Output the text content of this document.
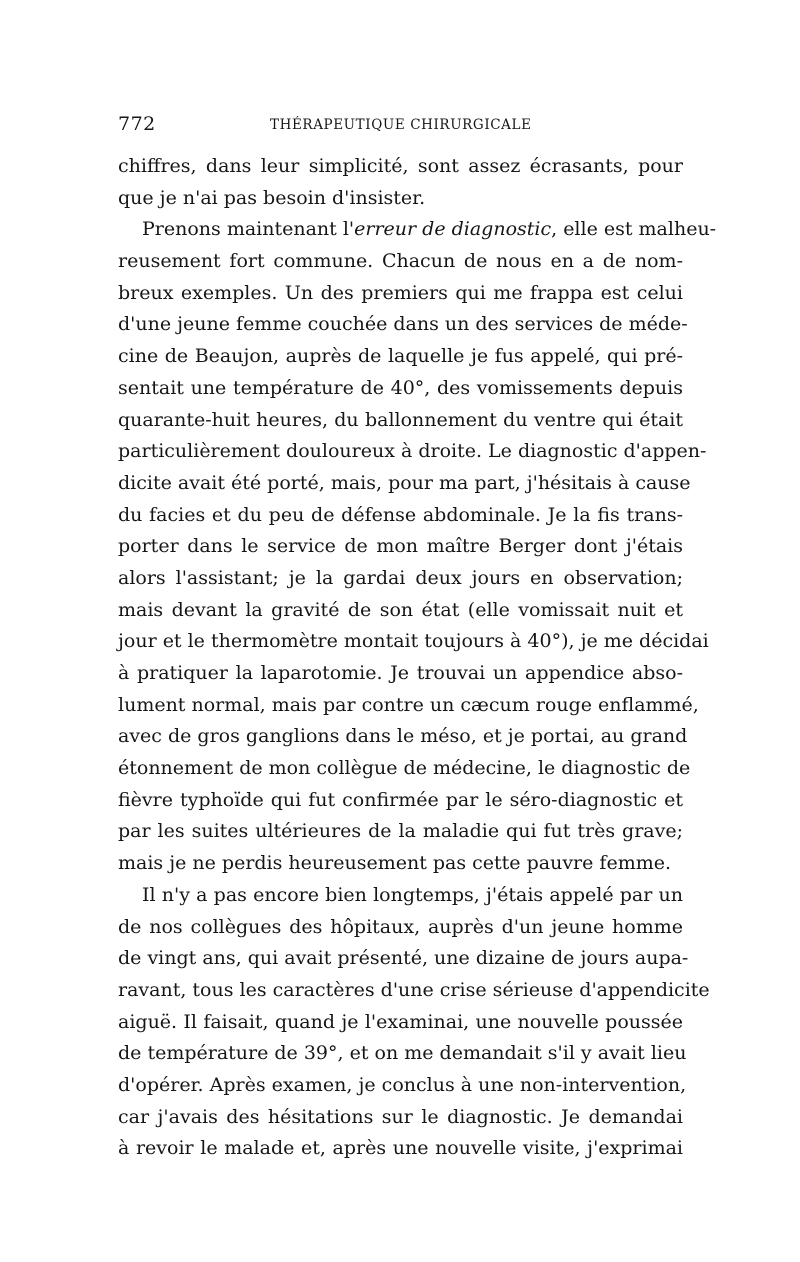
772	THÉRAPEUTIQUE CHIRURGICALE
chiffres, dans leur simplicité, sont assez écrasants, pour
que je n'ai pas besoin d'insister.
Prenons maintenant l'erreur de diagnostic, elle est malheu-
reusement fort commune. Chacun de nous en a de nom-
breux exemples. Un des premiers qui me frappa est celui
d'une jeune femme couchée dans un des services de méde-
cine de Beaujon, auprès de laquelle je fus appelé, qui pré-
sentait une température de 40°, des vomissements depuis
quarante-huit heures, du ballonnement du ventre qui était
particulièrement douloureux à droite. Le diagnostic d'appen-
dicite avait été porté, mais, pour ma part, j'hésitais à cause
du facies et du peu de défense abdominale. Je la fis trans-
porter dans le service de mon maître Berger dont j'étais
alors l'assistant; je la gardai deux jours en observation;
mais devant la gravité de son état (elle vomissait nuit et
jour et le thermomètre montait toujours à 40°), je me décidai
à pratiquer la laparotomie. Je trouvai un appendice abso-
lument normal, mais par contre un cæcum rouge enflammé,
avec de gros ganglions dans le méso, et je portai, au grand
étonnement de mon collègue de médecine, le diagnostic de
fièvre typhoïde qui fut confirmée par le séro-diagnostic et
par les suites ultérieures de la maladie qui fut très grave;
mais je ne perdis heureusement pas cette pauvre femme.
Il n'y a pas encore bien longtemps, j'étais appelé par un
de nos collègues des hôpitaux, auprès d'un jeune homme
de vingt ans, qui avait présenté, une dizaine de jours aupa-
ravant, tous les caractères d'une crise sérieuse d'appendicite
aiguë. Il faisait, quand je l'examinai, une nouvelle poussée
de température de 39°, et on me demandait s'il y avait lieu
d'opérer. Après examen, je conclus à une non-intervention,
car j'avais des hésitations sur le diagnostic. Je demandai
à revoir le malade et, après une nouvelle visite, j'exprimai
